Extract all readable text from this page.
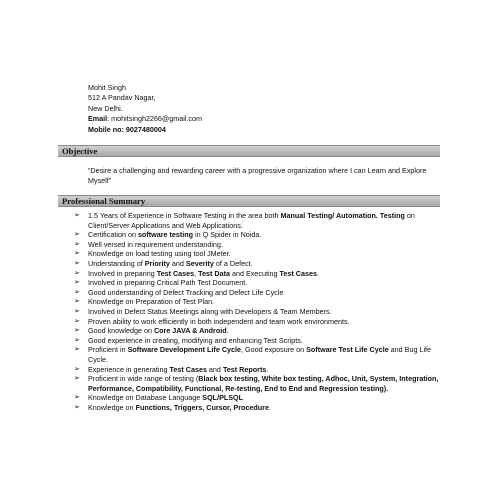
Mohit Singh
512 A Pandav Nagar,
New Delhi.
Email: mohitsingh2266@gmail.com
Mobile no: 9027480004
Objective
“Desire a challenging and rewarding career with a progressive organization where I can Learn and Explore Myself”
Professional Summary
➢ 1.5 Years of Experience in Software Testing in the area both Manual Testing/ Automation. Testing on Client/Server Applications and Web Applications.
➢ Certification on software testing in Q Spider in Noida.
➢ Well versed in requirement understanding.
➢ Knowledge on load testing using tool JMeter.
➢ Understanding of Priority and Severity of a Defect.
➢ Involved in preparing Test Cases, Test Data and Executing Test Cases.
➢ Involved in preparing Critical Path Test Document.
➢ Good understanding of Defect Tracking and Defect Life Cycle
➢ Knowledge on Preparation of Test Plan.
➢ Involved in Defect Status Meetings along with Developers & Team Members.
➢ Proven ability to work efficiently in both independent and team work environments.
➢ Good knowledge on Core JAVA & Android.
➢ Good experience in creating, modifying and enhancing Test Scripts.
➢ Proficient in Software Development Life Cycle, Good exposure on Software Test Life Cycle and Bug Life Cycle.
➢ Experience in generating Test Cases and Test Reports.
➢ Proficient in wide range of testing (Black box testing, White box testing, Adhoc, Unit, System, Integration, Performance, Compatibility, Functional, Re-testing, End to End and Regression testing).
➢ Knowledge on Database Language SQL/PLSQL
➢ Knowledge on Functions, Triggers, Cursor, Procedure.
